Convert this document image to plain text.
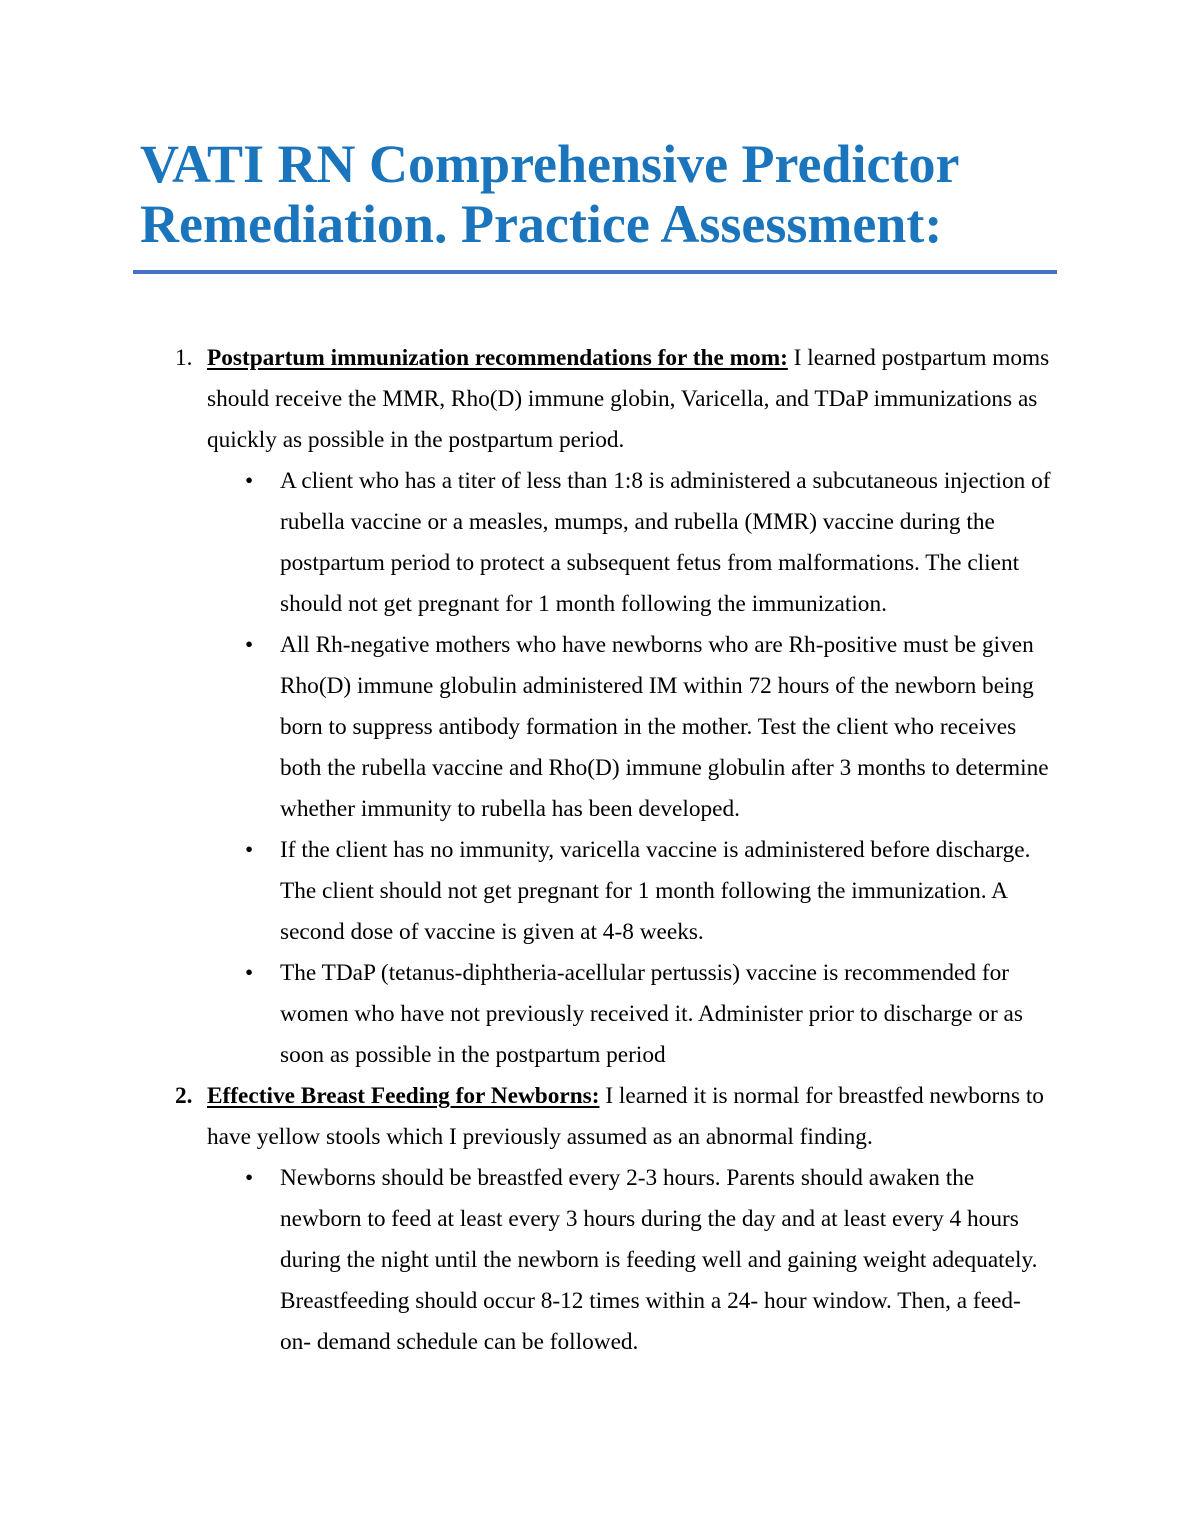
VATI RN Comprehensive Predictor Remediation. Practice Assessment:
1. Postpartum immunization recommendations for the mom: I learned postpartum moms should receive the MMR, Rho(D) immune globin, Varicella, and TDaP immunizations as quickly as possible in the postpartum period.
•	A client who has a titer of less than 1:8 is administered a subcutaneous injection of rubella vaccine or a measles, mumps, and rubella (MMR) vaccine during the postpartum period to protect a subsequent fetus from malformations. The client should not get pregnant for 1 month following the immunization.
•	All Rh-negative mothers who have newborns who are Rh-positive must be given Rho(D) immune globulin administered IM within 72 hours of the newborn being born to suppress antibody formation in the mother. Test the client who receives both the rubella vaccine and Rho(D) immune globulin after 3 months to determine whether immunity to rubella has been developed.
•	If the client has no immunity, varicella vaccine is administered before discharge. The client should not get pregnant for 1 month following the immunization. A second dose of vaccine is given at 4-8 weeks.
•	The TDaP (tetanus-diphtheria-acellular pertussis) vaccine is recommended for women who have not previously received it. Administer prior to discharge or as soon as possible in the postpartum period
2. Effective Breast Feeding for Newborns: I learned it is normal for breastfed newborns to have yellow stools which I previously assumed as an abnormal finding.
•	Newborns should be breastfed every 2-3 hours. Parents should awaken the newborn to feed at least every 3 hours during the day and at least every 4 hours during the night until the newborn is feeding well and gaining weight adequately. Breastfeeding should occur 8-12 times within a 24- hour window. Then, a feed- on- demand schedule can be followed.
